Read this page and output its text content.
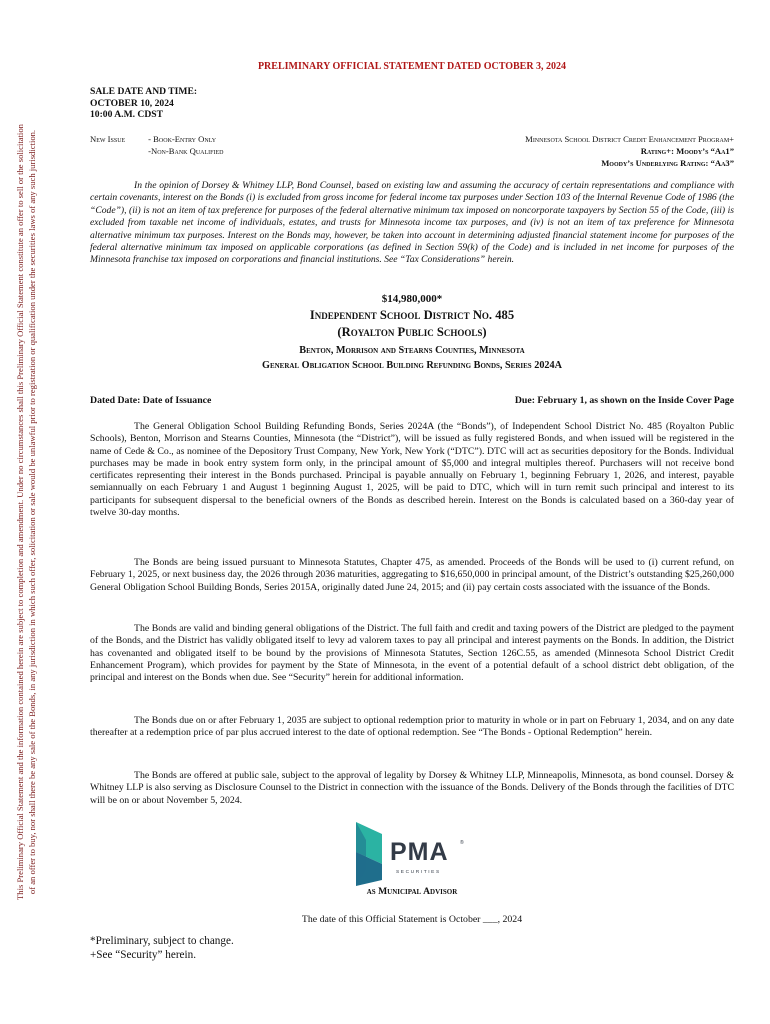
This Preliminary Official Statement and the information contained herein are subject to completion and amendment. Under no circumstances shall this Preliminary Official Statement constitute an offer to sell or the solicitation of an offer to buy, nor shall there be any sale of the Bonds, in any jurisdiction in which such offer, solicitation or sale would be unlawful prior to registration or qualification under the securities laws of any such jurisdiction.
PRELIMINARY OFFICIAL STATEMENT DATED OCTOBER 3, 2024
SALE DATE AND TIME:
OCTOBER 10, 2024
10:00 A.M. CDST
New Issue	- Book-Entry Only
-Non-Bank Qualified
Minnesota School District Credit Enhancement Program+
Rating+: Moody’s “Aa1”
Moody’s Underlying Rating: “Aa3”
In the opinion of Dorsey & Whitney LLP, Bond Counsel, based on existing law and assuming the accuracy of certain representations and compliance with certain covenants, interest on the Bonds (i) is excluded from gross income for federal income tax purposes under Section 103 of the Internal Revenue Code of 1986 (the “Code”), (ii) is not an item of tax preference for purposes of the federal alternative minimum tax imposed on noncorporate taxpayers by Section 55 of the Code, (iii) is excluded from taxable net income of individuals, estates, and trusts for Minnesota income tax purposes, and (iv) is not an item of tax preference for Minnesota alternative minimum tax purposes. Interest on the Bonds may, however, be taken into account in determining adjusted financial statement income for purposes of the federal alternative minimum tax imposed on applicable corporations (as defined in Section 59(k) of the Code) and is included in net income for purposes of the Minnesota franchise tax imposed on corporations and financial institutions. See “Tax Considerations” herein.
$14,980,000*
Independent School District No. 485
(Royalton Public Schools)
Benton, Morrison and Stearns Counties, Minnesota
General Obligation School Building Refunding Bonds, Series 2024A
Dated Date: Date of Issuance	Due: February 1, as shown on the Inside Cover Page
The General Obligation School Building Refunding Bonds, Series 2024A (the “Bonds”), of Independent School District No. 485 (Royalton Public Schools), Benton, Morrison and Stearns Counties, Minnesota (the “District”), will be issued as fully registered Bonds, and when issued will be registered in the name of Cede & Co., as nominee of the Depository Trust Company, New York, New York (“DTC”). DTC will act as securities depository for the Bonds. Individual purchases may be made in book entry system form only, in the principal amount of $5,000 and integral multiples thereof. Purchasers will not receive bond certificates representing their interest in the Bonds purchased. Principal is payable annually on February 1, beginning February 1, 2026, and interest, payable semiannually on each February 1 and August 1 beginning August 1, 2025, will be paid to DTC, which will in turn remit such principal and interest to its participants for subsequent dispersal to the beneficial owners of the Bonds as described herein. Interest on the Bonds is calculated based on a 360-day year of twelve 30-day months.
The Bonds are being issued pursuant to Minnesota Statutes, Chapter 475, as amended. Proceeds of the Bonds will be used to (i) current refund, on February 1, 2025, or next business day, the 2026 through 2036 maturities, aggregating to $16,650,000 in principal amount, of the District’s outstanding $25,260,000 General Obligation School Building Bonds, Series 2015A, originally dated June 24, 2015; and (ii) pay certain costs associated with the issuance of the Bonds.
The Bonds are valid and binding general obligations of the District. The full faith and credit and taxing powers of the District are pledged to the payment of the Bonds, and the District has validly obligated itself to levy ad valorem taxes to pay all principal and interest payments on the Bonds. In addition, the District has covenanted and obligated itself to be bound by the provisions of Minnesota Statutes, Section 126C.55, as amended (Minnesota School District Credit Enhancement Program), which provides for payment by the State of Minnesota, in the event of a potential default of a school district debt obligation, of the principal and interest on the Bonds when due. See “Security” herein for additional information.
The Bonds due on or after February 1, 2035 are subject to optional redemption prior to maturity in whole or in part on February 1, 2034, and on any date thereafter at a redemption price of par plus accrued interest to the date of optional redemption. See “The Bonds - Optional Redemption” herein.
The Bonds are offered at public sale, subject to the approval of legality by Dorsey & Whitney LLP, Minneapolis, Minnesota, as bond counsel. Dorsey & Whitney LLP is also serving as Disclosure Counsel to the District in connection with the issuance of the Bonds. Delivery of the Bonds through the facilities of DTC will be on or about November 5, 2024.
PMA ®
SECURITIES
as Municipal Advisor
The date of this Official Statement is October ___, 2024
*Preliminary, subject to change.
+See “Security” herein.
